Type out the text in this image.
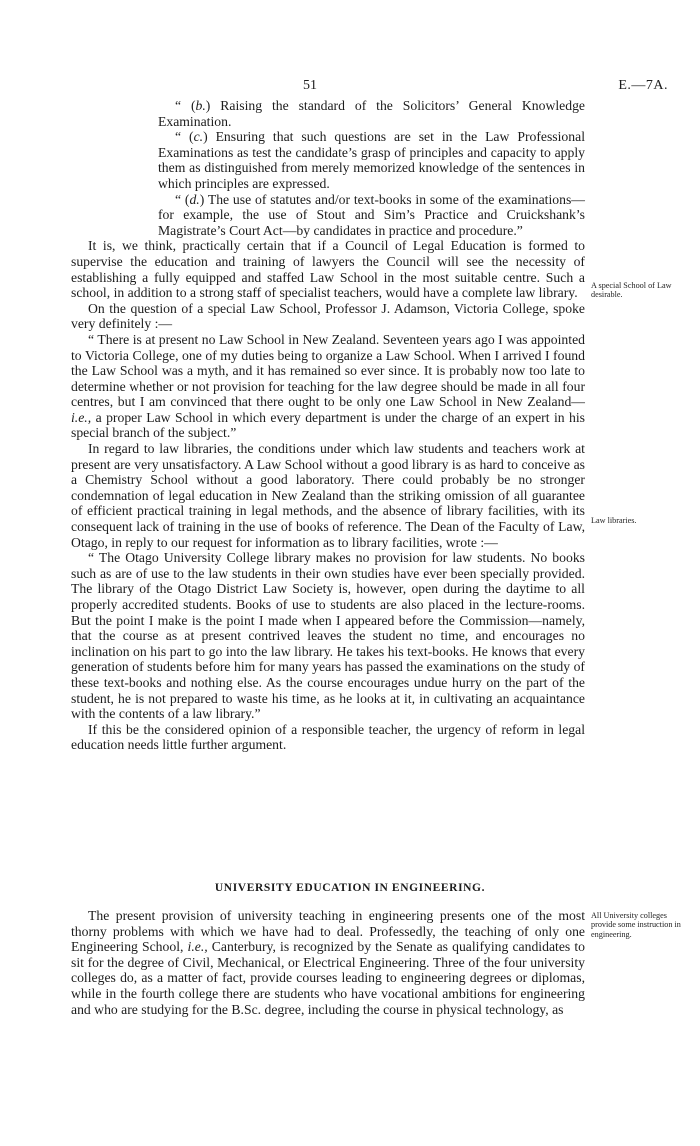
51	E.—7A.

“ (b.) Raising the standard of the Solicitors’ General Knowledge Examination.

“ (c.) Ensuring that such questions are set in the Law Professional Examinations as test the candidate’s grasp of principles and capacity to apply them as distinguished from merely memorized knowledge of the sentences in which principles are expressed.

“ (d.) The use of statutes and/or text-books in some of the examinations—for example, the use of Stout and Sim’s Practice and Cruickshank’s Magistrate’s Court Act—by candidates in practice and procedure.”

It is, we think, practically certain that if a Council of Legal Education is formed to supervise the education and training of lawyers the Council will see the necessity of establishing a fully equipped and staffed Law School in the most suitable centre. Such a school, in addition to a strong staff of specialist teachers, would have a complete law library.

On the question of a special Law School, Professor J. Adamson, Victoria College, spoke very definitely :—

“ There is at present no Law School in New Zealand. Seventeen years ago I was appointed to Victoria College, one of my duties being to organize a Law School. When I arrived I found the Law School was a myth, and it has remained so ever since. It is probably now too late to determine whether or not provision for teaching for the law degree should be made in all four centres, but I am convinced that there ought to be only one Law School in New Zealand—i.e., a proper Law School in which every department is under the charge of an expert in his special branch of the subject.”

In regard to law libraries, the conditions under which law students and teachers work at present are very unsatisfactory. A Law School without a good library is as hard to conceive as a Chemistry School without a good laboratory. There could probably be no stronger condemnation of legal education in New Zealand than the striking omission of all guarantee of efficient practical training in legal methods, and the absence of library facilities, with its consequent lack of training in the use of books of reference. The Dean of the Faculty of Law, Otago, in reply to our request for information as to library facilities, wrote :—

“ The Otago University College library makes no provision for law students. No books such as are of use to the law students in their own studies have ever been specially provided. The library of the Otago District Law Society is, however, open during the daytime to all properly accredited students. Books of use to students are also placed in the lecture-rooms. But the point I make is the point I made when I appeared before the Commission—namely, that the course as at present contrived leaves the student no time, and encourages no inclination on his part to go into the law library. He takes his text-books. He knows that every generation of students before him for many years has passed the examinations on the study of these text-books and nothing else. As the course encourages undue hurry on the part of the student, he is not prepared to waste his time, as he looks at it, in cultivating an acquaintance with the contents of a law library.”

If this be the considered opinion of a responsible teacher, the urgency of reform in legal education needs little further argument.

A special School of Law desirable.
Law libraries.
UNIVERSITY EDUCATION IN ENGINEERING.

The present provision of university teaching in engineering presents one of the most thorny problems with which we have had to deal. Professedly, the teaching of only one Engineering School, i.e., Canterbury, is recognized by the Senate as qualifying candidates to sit for the degree of Civil, Mechanical, or Electrical Engineering. Three of the four university colleges do, as a matter of fact, provide courses leading to engineering degrees or diplomas, while in the fourth college there are students who have vocational ambitions for engineering and who are studying for the B.Sc. degree, including the course in physical technology, as

All University colleges provide some instruction in engineering.
